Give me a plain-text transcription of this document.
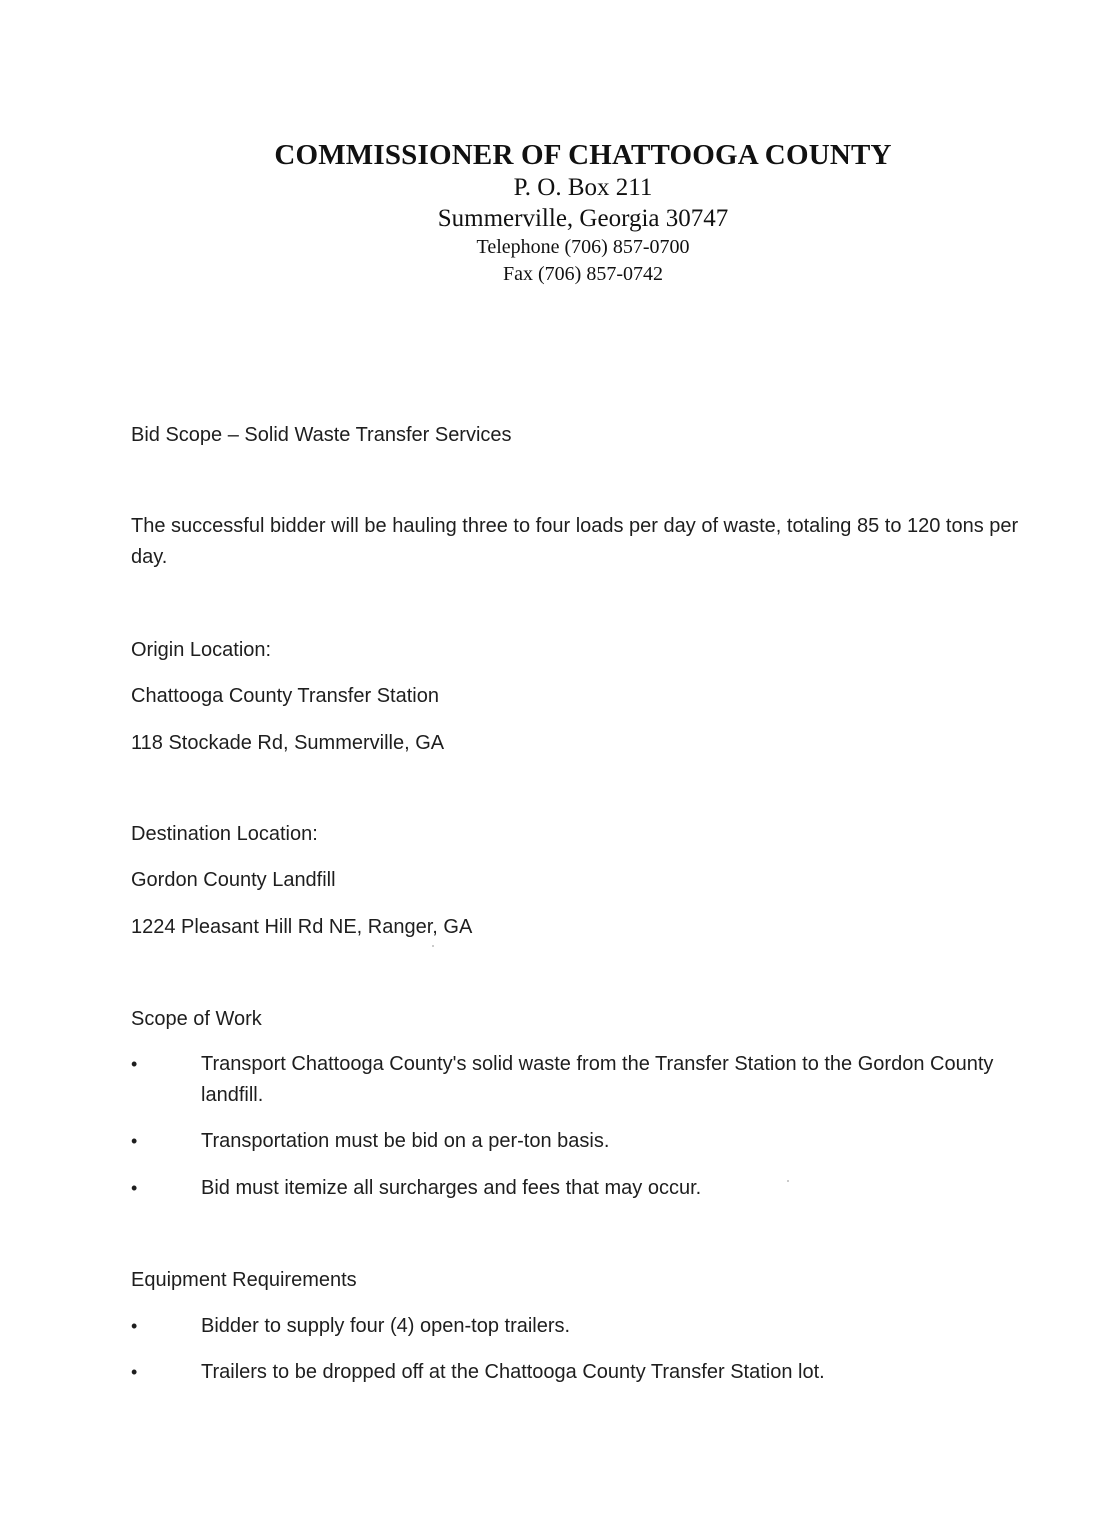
COMMISSIONER OF CHATTOOGA COUNTY

P. O. Box 211

Summerville, Georgia 30747

Telephone (706) 857-0700

Fax (706) 857-0742

Bid Scope – Solid Waste Transfer Services

The successful bidder will be hauling three to four loads per day of waste, totaling 85 to 120 tons per day.

Origin Location:

Chattooga County Transfer Station

118 Stockade Rd, Summerville, GA

Destination Location:

Gordon County Landfill

1224 Pleasant Hill Rd NE, Ranger, GA

Scope of Work

•	Transport Chattooga County's solid waste from the Transfer Station to the Gordon County landfill.
•	Transportation must be bid on a per-ton basis.
•	Bid must itemize all surcharges and fees that may occur.

Equipment Requirements

•	Bidder to supply four (4) open-top trailers.
•	Trailers to be dropped off at the Chattooga County Transfer Station lot.
